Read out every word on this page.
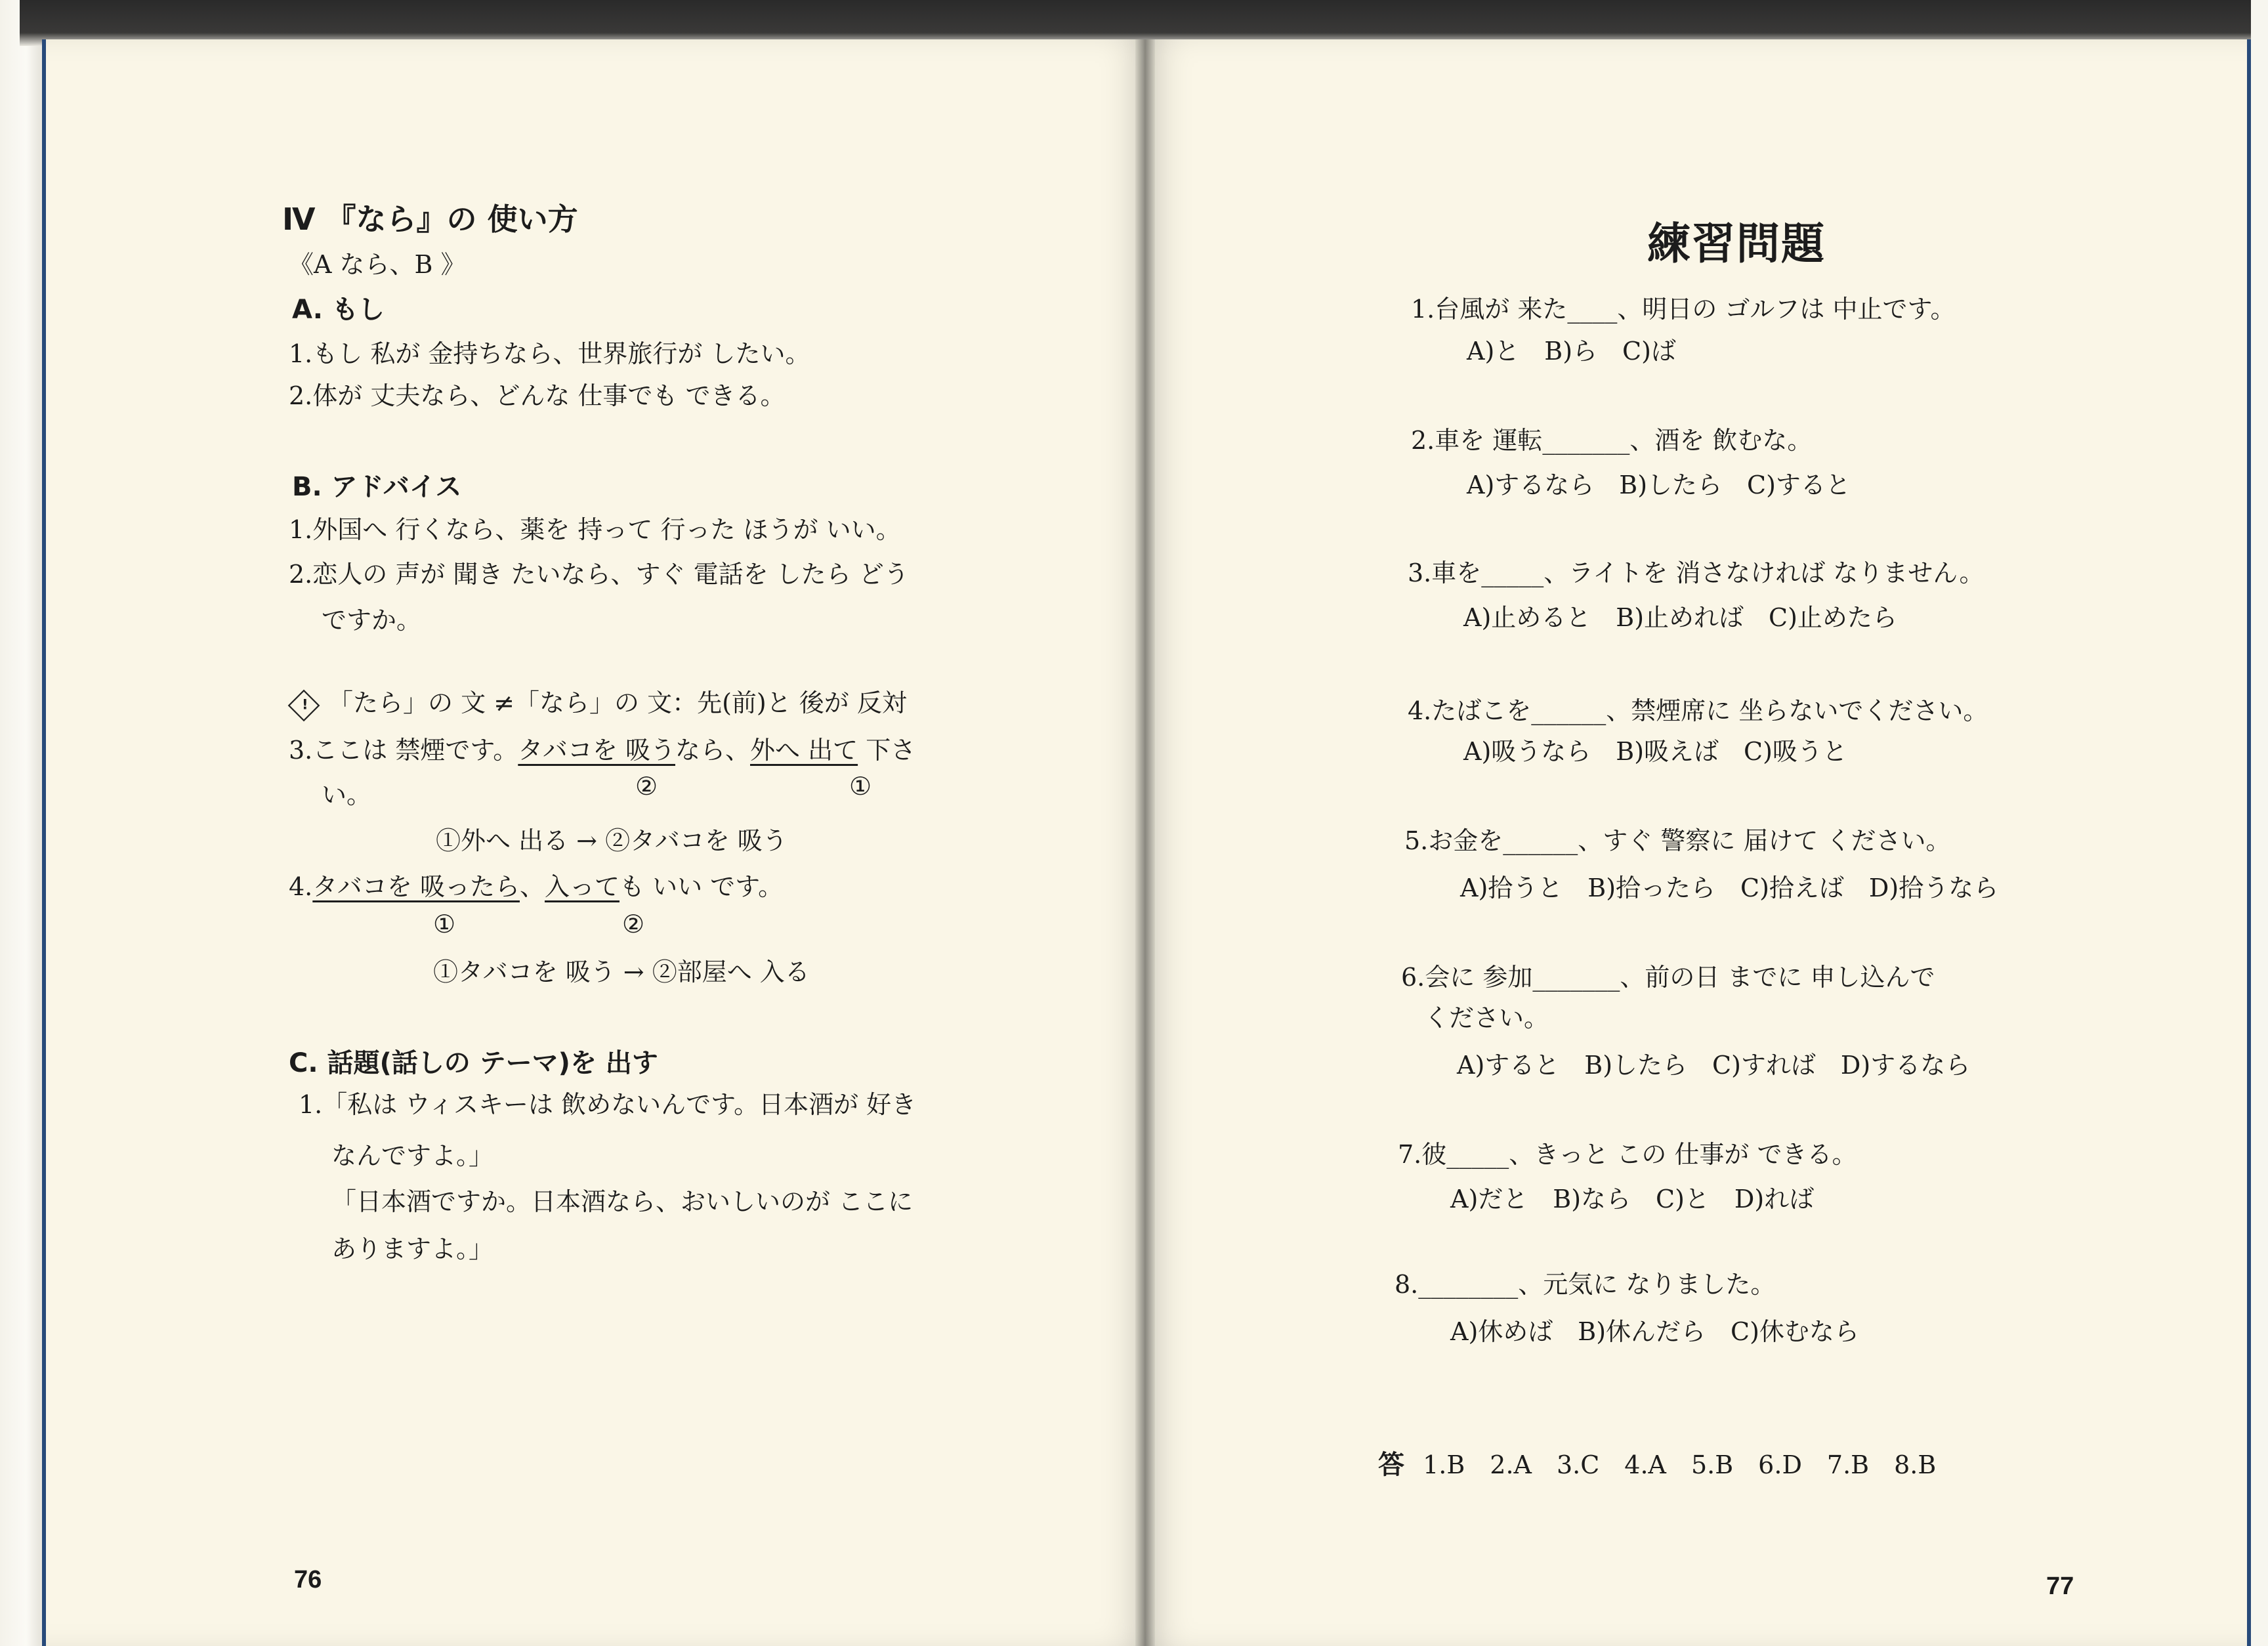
Ⅳ 『なら』の 使い方
《A なら、B 》
A. もし
1.もし 私が 金持ちなら、世界旅行が したい。
2.体が 丈夫なら、どんな 仕事でも できる。
B. アドバイス
1.外国へ 行くなら、薬を 持って 行った ほうが いい。
2.恋人の 声が 聞き たいなら、すぐ 電話を したら どう
ですか。
! 「たら」の 文 ≠「なら」の 文：先(前)と 後が 反対
3.ここは 禁煙です。タバコを 吸うなら、外へ 出て 下さ
い。	②	①
①外へ 出る → ②タバコを 吸う
4.タバコを 吸ったら、入っても いい です。
①	②
①タバコを 吸う → ②部屋へ 入る
C. 話題(話しの テーマ)を 出す
1.「私は ウィスキーは 飲めないんです。日本酒が 好き
なんですよ。」
「日本酒ですか。日本酒なら、おいしいのが ここに
ありますよ。」
76
練習問題
1.台風が 来た____、明日の ゴルフは 中止です。
A)と　B)ら　C)ば
2.車を 運転_______、酒を 飲むな。
A)するなら　B)したら　C)すると
3.車を_____、ライトを 消さなければ なりません。
A)止めると　B)止めれば　C)止めたら
4.たばこを______、禁煙席に 坐らないでください。
A)吸うなら　B)吸えば　C)吸うと
5.お金を______、すぐ 警察に 届けて ください。
A)拾うと　B)拾ったら　C)拾えば　D)拾うなら
6.会に 参加_______、前の日 までに 申し込んで
ください。
A)すると　B)したら　C)すれば　D)するなら
7.彼_____、きっと この 仕事が できる。
A)だと　B)なら　C)と　D)れば
8.________、元気に なりました。
A)休めば　B)休んだら　C)休むなら
答 1.B　2.A　3.C　4.A　5.B　6.D　7.B　8.B
77
